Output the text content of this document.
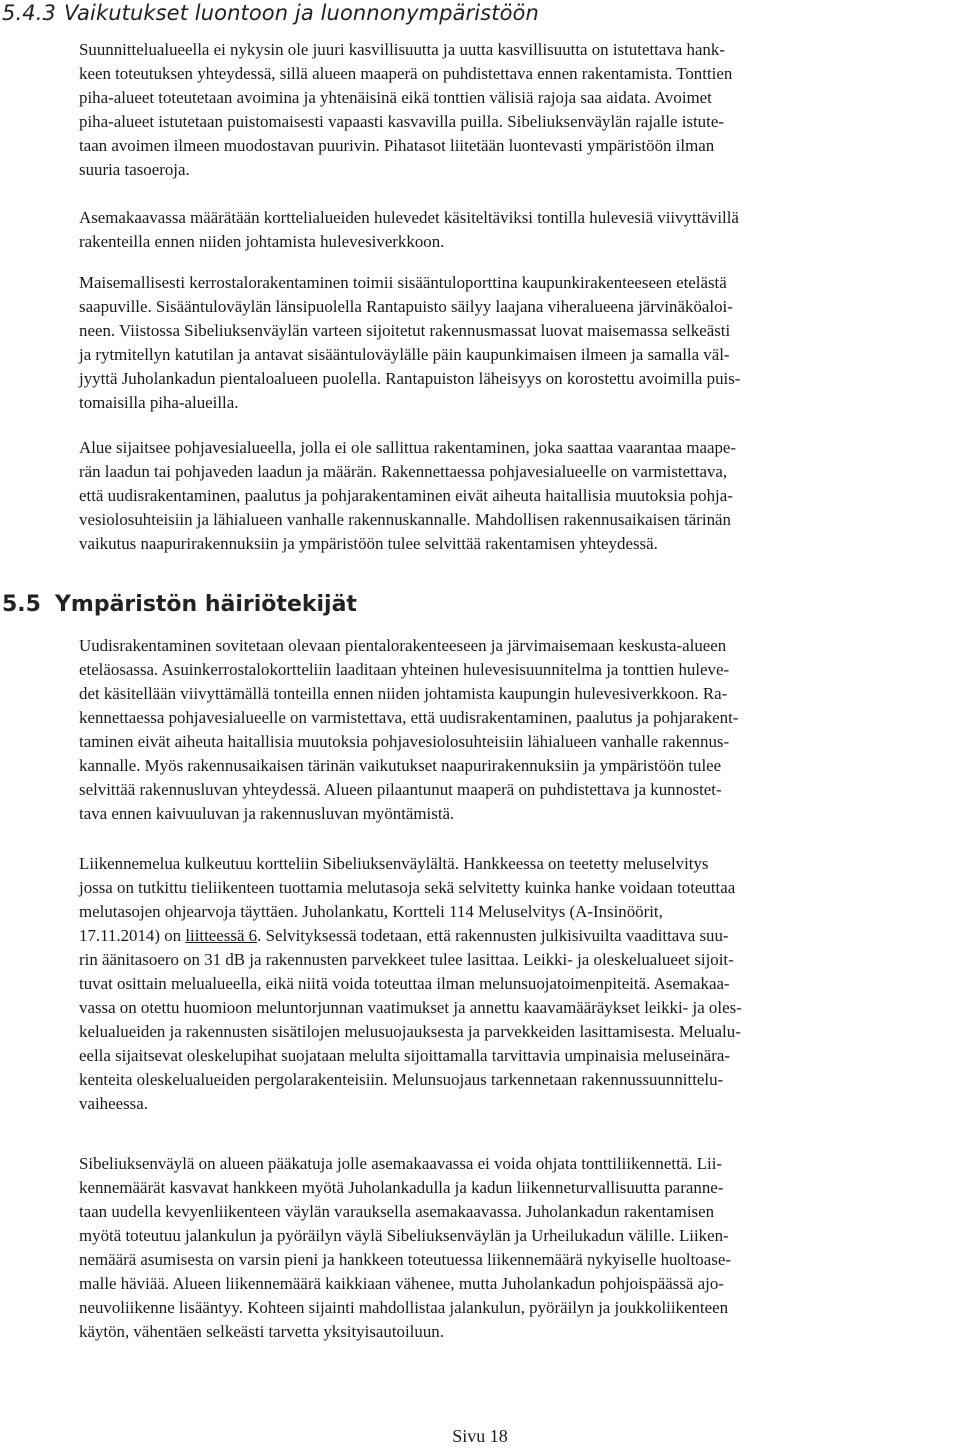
5.4.3 Vaikutukset luontoon ja luonnonympäristöön

Suunnittelualueella ei nykysin ole juuri kasvillisuutta ja uutta kasvillisuutta on istutettava hank-
keen toteutuksen yhteydessä, sillä alueen maaperä on puhdistettava ennen rakentamista. Tonttien
piha-alueet toteutetaan avoimina ja yhtenäisinä eikä tonttien välisiä rajoja saa aidata. Avoimet
piha-alueet istutetaan puistomaisesti vapaasti kasvavilla puilla. Sibeliuksenväylän rajalle istute-
taan avoimen ilmeen muodostavan puurivin. Pihatasot liitetään luontevasti ympäristöön ilman
suuria tasoeroja.

Asemakaavassa määrätään korttelialueiden hulevedet käsiteltäviksi tontilla hulevesiä viivyttävillä
rakenteilla ennen niiden johtamista hulevesiverkkoon.

Maisemallisesti kerrostalorakentaminen toimii sisääntuloporttina kaupunkirakenteeseen etelästä
saapuville. Sisääntuloväylän länsipuolella Rantapuisto säilyy laajana viheralueena järvinäköaloi-
neen. Viistossa Sibeliuksenväylän varteen sijoitetut rakennusmassat luovat maisemassa selkeästi
ja rytmitellyn katutilan ja antavat sisääntuloväylälle päin kaupunkimaisen ilmeen ja samalla väl-
jyyttä Juholankadun pientaloalueen puolella. Rantapuiston läheisyys on korostettu avoimilla puis-
tomaisilla piha-alueilla.

Alue sijaitsee pohjavesialueella, jolla ei ole sallittua rakentaminen, joka saattaa vaarantaa maape-
rän laadun tai pohjaveden laadun ja määrän. Rakennettaessa pohjavesialueelle on varmistettava,
että uudisrakentaminen, paalutus ja pohjarakentaminen eivät aiheuta haitallisia muutoksia pohja-
vesiolosuhteisiin ja lähialueen vanhalle rakennuskannalle. Mahdollisen rakennusaikaisen tärinän
vaikutus naapurirakennuksiin ja ympäristöön tulee selvittää rakentamisen yhteydessä.

5.5 Ympäristön häiriötekijät

Uudisrakentaminen sovitetaan olevaan pientalorakenteeseen ja järvimaisemaan keskusta-alueen
eteläosassa. Asuinkerrostalokortteliin laaditaan yhteinen hulevesisuunnitelma ja tonttien huleve-
det käsitellään viivyttämällä tonteilla ennen niiden johtamista kaupungin hulevesiverkkoon. Ra-
kennettaessa pohjavesialueelle on varmistettava, että uudisrakentaminen, paalutus ja pohjarakent-
taminen eivät aiheuta haitallisia muutoksia pohjavesiolosuhteisiin lähialueen vanhalle rakennus-
kannalle. Myös rakennusaikaisen tärinän vaikutukset naapurirakennuksiin ja ympäristöön tulee
selvittää rakennusluvan yhteydessä. Alueen pilaantunut maaperä on puhdistettava ja kunnostet-
tava ennen kaivuuluvan ja rakennusluvan myöntämistä.

Liikennemelua kulkeutuu kortteliin Sibeliuksenväylältä. Hankkeessa on teetetty meluselvitys
jossa on tutkittu tieliikenteen tuottamia melutasoja sekä selvitetty kuinka hanke voidaan toteuttaa
melutasojen ohjearvoja täyttäen. Juholankatu, Kortteli 114 Meluselvitys (A-Insinöörit,
17.11.2014) on liitteessä 6. Selvityksessä todetaan, että rakennusten julkisivuilta vaadittava suu-
rin äänitasoero on 31 dB ja rakennusten parvekkeet tulee lasittaa. Leikki- ja oleskelualueet sijoit-
tuvat osittain melualueella, eikä niitä voida toteuttaa ilman melunsuojatoimenpiteitä. Asemakaa-
vassa on otettu huomioon meluntorjunnan vaatimukset ja annettu kaavamääräykset leikki- ja oles-
kelualueiden ja rakennusten sisätilojen melusuojauksesta ja parvekkeiden lasittamisesta. Melualu-
eella sijaitsevat oleskelupihat suojataan melulta sijoittamalla tarvittavia umpinaisia meluseinära-
kenteita oleskelualueiden pergolarakenteisiin. Melunsuojaus tarkennetaan rakennussuunnittelu-
vaiheessa.

Sibeliuksenväylä on alueen pääkatuja jolle asemakaavassa ei voida ohjata tonttiliikennettä. Lii-
kennemäärät kasvavat hankkeen myötä Juholankadulla ja kadun liikenneturvallisuutta paranne-
taan uudella kevyenliikenteen väylän varauksella asemakaavassa. Juholankadun rakentamisen
myötä toteutuu jalankulun ja pyöräilyn väylä Sibeliuksenväylän ja Urheilukadun välille. Liiken-
nemäärä asumisesta on varsin pieni ja hankkeen toteutuessa liikennemäärä nykyiselle huoltoase-
malle häviää. Alueen liikennemäärä kaikkiaan vähenee, mutta Juholankadun pohjoispäässä ajo-
neuvoliikenne lisääntyy. Kohteen sijainti mahdollistaa jalankulun, pyöräilyn ja joukkoliikenteen
käytön, vähentäen selkeästi tarvetta yksityisautoiluun.

Sivu 18
